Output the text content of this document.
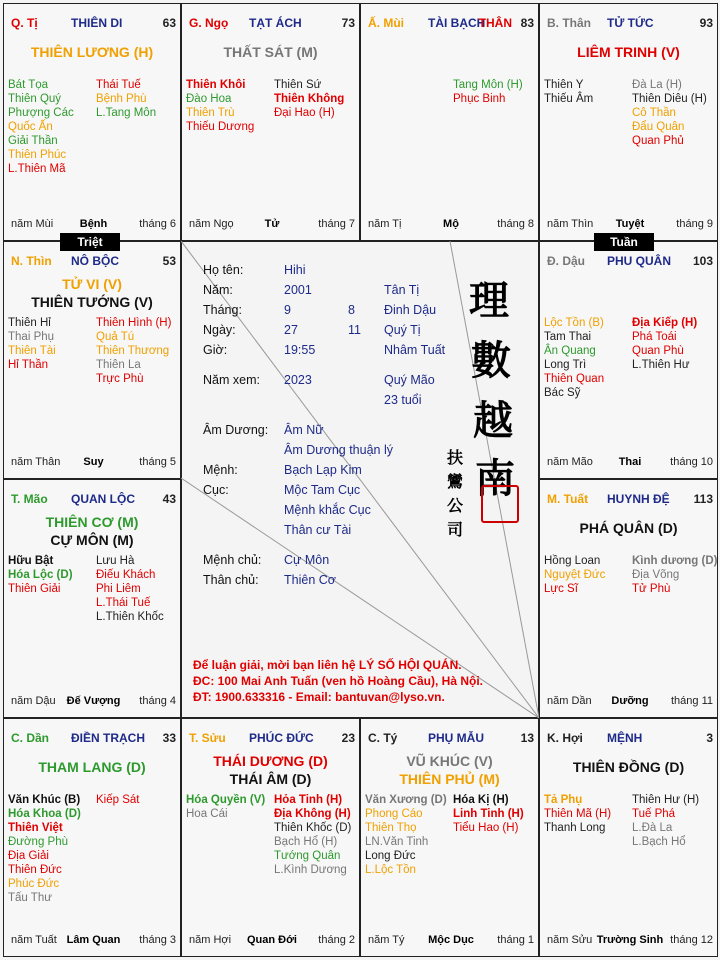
Q. Tị	THIÊN DI	63
THIÊN LƯƠNG (H)
Bát Tọa
Thiên Quý
Phượng Các
Quốc Ấn
Giải Thần
Thiên Phúc
L.Thiên Mã
Thái Tuế
Bệnh Phù
L.Tang Môn
năm Mùi	Bệnh	tháng 6
G. Ngọ TẠT ÁCH	73
THẤT SÁT (M)
Thiên Khôi
Đào Hoa
Thiên Trù
Thiếu Dương
Thiên Sứ
Thiên Không
Đại Hao (H)
năm Ngọ	Tử	tháng 7
Ấ. Mùi TÀI BẠCH
THÂN 83
Tang Môn (H)
Phục Binh
năm Tị	Mộ	tháng 8
B. Thân TỬ TỨC	93
LIÊM TRINH (V)
Thiên Y
Thiếu Âm
Đà La (H)
Thiên Diêu (H)
Cô Thần
Đẩu Quân
Quan Phủ
năm Thìn	Tuyệt	tháng 9
Đ. Dậu PHU QUÂN 103
Lộc Tồn (B)
Tam Thai
Ân Quang
Long Trì
Thiên Quan
Bác Sỹ
Địa Kiếp (H)
Phá Toái
Quan Phù
L.Thiên Hư
năm Mão	Thai	tháng 10
M. Tuất HUYNH ĐỆ 113
PHÁ QUÂN (D)
Hồng Loan
Nguyệt Đức
Lực Sĩ
Kình dương (D)
Địa Võng
Tử Phù
năm Dần	Dưỡng	tháng 11
K. Hợi MỆNH	3
THIÊN ĐỒNG (D)
Tả Phụ
Thiên Mã (H)
Thanh Long
Thiên Hư (H)
Tuế Phá
L.Đà La
L.Bạch Hổ
năm Sửu Trường Sinh tháng 12
C. Tý	PHỤ MẪU	13
VŨ KHÚC (V)
THIÊN PHỦ (M)
Văn Xương (D)
Phong Cáo
Thiên Thọ
LN.Văn Tinh
Long Đức
L.Lộc Tồn
Hóa Kị (H)
Linh Tinh (H)
Tiểu Hao (H)
năm Tý	Mộc Dục	tháng 1
T. Sửu PHÚC ĐỨC 23
THÁI DƯƠNG (D)
THÁI ÂM (D)
Hóa Quyền (V)
Hoa Cái
Hỏa Tinh (H)
Địa Không (H)
Thiên Khốc (D)
Bạch Hổ (H)
Tướng Quân
L.Kình Dương
năm Hợi	Quan Đới	tháng 2
C. Dần ĐIỀN TRẠCH 33
THAM LANG (D)
Văn Khúc (B)
Hóa Khoa (D)
Thiên Việt
Đường Phù
Địa Giải
Thiên Đức
Phúc Đức
Tấu Thư
Kiếp Sát
năm Tuất Lâm Quan	tháng 3
T. Mão QUAN LỘC 43
THIÊN CƠ (M)
CỰ MÔN (M)
Hữu Bật
Hóa Lộc (D)
Thiên Giải
Lưu Hà
Điếu Khách
Phi Liêm
L.Thái Tuế
L.Thiên Khốc
năm Dậu	Đế Vượng	tháng 4
N. Thìn NÔ BỘC	53
TỬ VI (V)
THIÊN TƯỚNG (V)
Thiên Hỉ
Thai Phụ
Thiên Tài
Hỉ Thần
Thiên Hình (H)
Quả Tú
Thiên Thương
Thiên La
Trực Phù
năm Thân	Suy	tháng 5
Họ tên:	Hihi
Năm:	2001	Tân Tị
Tháng:	9	8 Đinh Dậu
Ngày:	27	11 Quý Tị
Giờ:	19:55	Nhâm Tuất
Năm xem: 2023	Quý Mão
23 tuổi
Âm Dương: Âm Nữ
Âm Dương thuận lý
Mệnh:	Bạch Lạp Kim
Cục:	Mộc Tam Cục
Mệnh khắc Cục
Thân cư Tài
Mệnh chủ: Cự Môn
Thân chủ: Thiên Cơ
理
數
越
南
扶
鸞
公
司
Để luận giải, mời bạn liên hệ LÝ SỐ HỘI QUÁN.
ĐC: 100 Mai Anh Tuấn (ven hồ Hoàng Cầu), Hà Nội.
ĐT: 1900.633316 - Email: bantuvan@lyso.vn.
Triệt	Tuần
